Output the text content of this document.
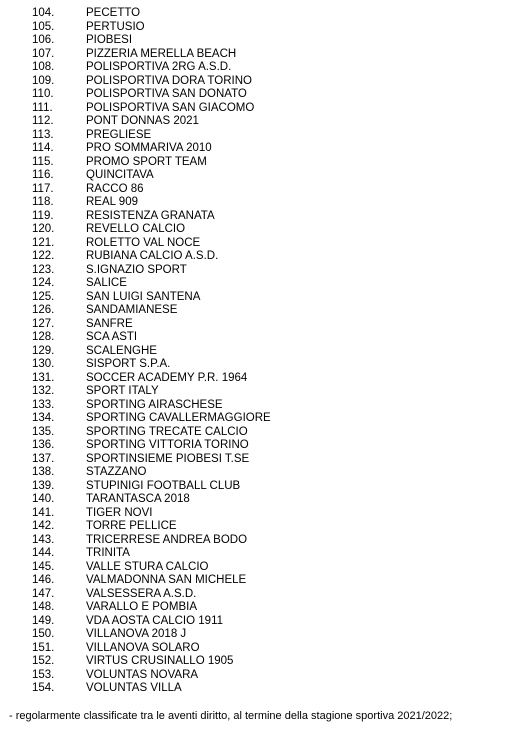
104.	PECETTO
105.	PERTUSIO
106.	PIOBESI
107.	PIZZERIA MERELLA BEACH
108.	POLISPORTIVA 2RG A.S.D.
109.	POLISPORTIVA DORA TORINO
110.	POLISPORTIVA SAN DONATO
111.	POLISPORTIVA SAN GIACOMO
112.	PONT DONNAS 2021
113.	PREGLIESE
114.	PRO SOMMARIVA 2010
115.	PROMO SPORT TEAM
116.	QUINCITAVA
117.	RACCO 86
118.	REAL 909
119.	RESISTENZA GRANATA
120.	REVELLO CALCIO
121.	ROLETTO VAL NOCE
122.	RUBIANA CALCIO A.S.D.
123.	S.IGNAZIO SPORT
124.	SALICE
125.	SAN LUIGI SANTENA
126.	SANDAMIANESE
127.	SANFRE
128.	SCA ASTI
129.	SCALENGHE
130.	SISPORT S.P.A.
131.	SOCCER ACADEMY P.R. 1964
132.	SPORT ITALY
133.	SPORTING AIRASCHESE
134.	SPORTING CAVALLERMAGGIORE
135.	SPORTING TRECATE CALCIO
136.	SPORTING VITTORIA TORINO
137.	SPORTINSIEME PIOBESI T.SE
138.	STAZZANO
139.	STUPINIGI FOOTBALL CLUB
140.	TARANTASCA 2018
141.	TIGER NOVI
142.	TORRE PELLICE
143.	TRICERRESE ANDREA BODO
144.	TRINITA
145.	VALLE STURA CALCIO
146.	VALMADONNA SAN MICHELE
147.	VALSESSERA A.S.D.
148.	VARALLO E POMBIA
149.	VDA AOSTA CALCIO 1911
150.	VILLANOVA 2018 J
151.	VILLANOVA SOLARO
152.	VIRTUS CRUSINALLO 1905
153.	VOLUNTAS NOVARA
154.	VOLUNTAS VILLA
- regolarmente classificate tra le aventi diritto, al termine della stagione sportiva 2021/2022;
